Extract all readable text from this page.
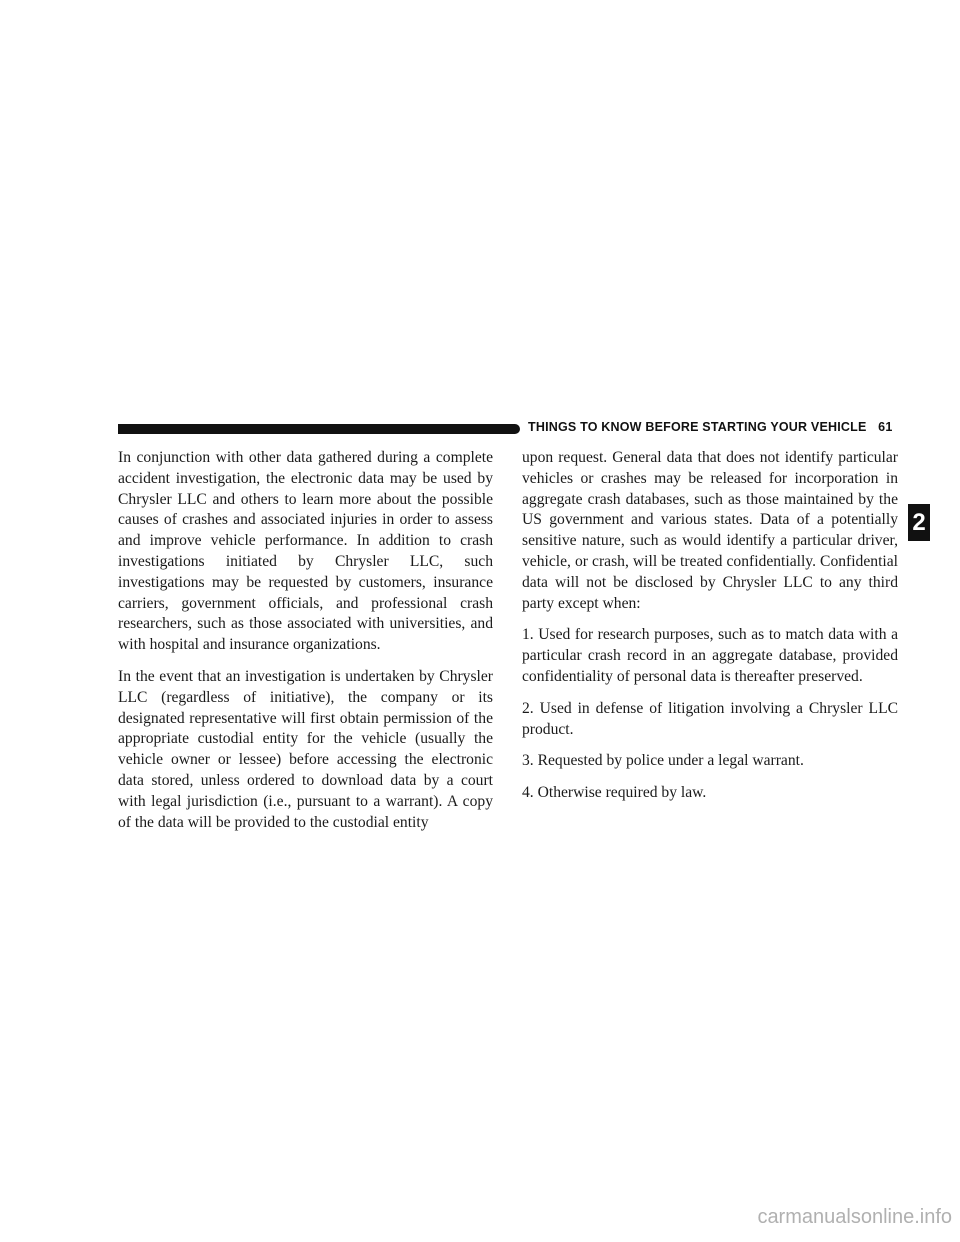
THINGS TO KNOW BEFORE STARTING YOUR VEHICLE 61
2

In conjunction with other data gathered during a complete accident investigation, the electronic data may be used by Chrysler LLC and others to learn more about the possible causes of crashes and associated injuries in order to assess and improve vehicle performance. In addition to crash investigations initiated by Chrysler LLC, such investigations may be requested by customers, insurance carriers, government officials, and professional crash researchers, such as those associated with universities, and with hospital and insurance organizations.

In the event that an investigation is undertaken by Chrysler LLC (regardless of initiative), the company or its designated representative will first obtain permission of the appropriate custodial entity for the vehicle (usually the vehicle owner or lessee) before accessing the electronic data stored, unless ordered to download data by a court with legal jurisdiction (i.e., pursuant to a warrant). A copy of the data will be provided to the custodial entity

upon request. General data that does not identify particular vehicles or crashes may be released for incorporation in aggregate crash databases, such as those maintained by the US government and various states. Data of a potentially sensitive nature, such as would identify a particular driver, vehicle, or crash, will be treated confidentially. Confidential data will not be disclosed by Chrysler LLC to any third party except when:

1. Used for research purposes, such as to match data with a particular crash record in an aggregate database, provided confidentiality of personal data is thereafter preserved.

2. Used in defense of litigation involving a Chrysler LLC product.

3. Requested by police under a legal warrant.

4. Otherwise required by law.

carmanualsonline.info
